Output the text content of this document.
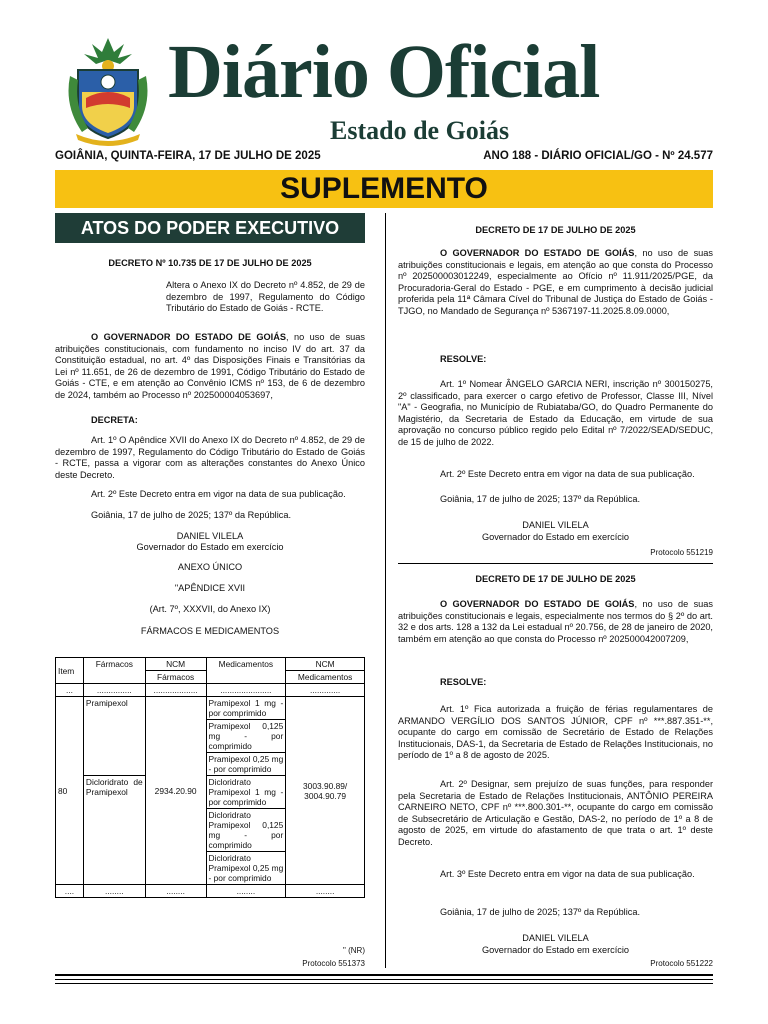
Diário Oficial
Estado de Goiás
GOIÂNIA, QUINTA-FEIRA, 17 DE JULHO DE 2025	ANO 188 - DIÁRIO OFICIAL/GO - Nº 24.577
SUPLEMENTO
ATOS DO PODER EXECUTIVO
DECRETO Nº 10.735 DE 17 DE JULHO DE 2025
Altera o Anexo IX do Decreto nº 4.852, de 29 de dezembro de 1997, Regulamento do Código Tributário do Estado de Goiás - RCTE.
O GOVERNADOR DO ESTADO DE GOIÁS, no uso de suas atribuições constitucionais, com fundamento no inciso IV do art. 37 da Constituição estadual, no art. 4º das Disposições Finais e Transitórias da Lei nº 11.651, de 26 de dezembro de 1991, Código Tributário do Estado de Goiás - CTE, e em atenção ao Convênio ICMS nº 153, de 6 de dezembro de 2024, também ao Processo nº 202500004053697,
DECRETA:
Art. 1º O Apêndice XVII do Anexo IX do Decreto nº 4.852, de 29 de dezembro de 1997, Regulamento do Código Tributário do Estado de Goiás - RCTE, passa a vigorar com as alterações constantes do Anexo Único deste Decreto.
Art. 2º Este Decreto entra em vigor na data de sua publicação.
Goiânia, 17 de julho de 2025; 137º da República.
DANIEL VILELA
Governador do Estado em exercício
ANEXO ÚNICO
"APÊNDICE XVII
(Art. 7º, XXXVII, do Anexo IX)
FÁRMACOS E MEDICAMENTOS
Item	Fármacos	NCM	Medicamentos	NCM
		Fármacos		Medicamentos
...	...............	...................	......................	.............
80	Pramipexol	2934.20.90	Pramipexol 1 mg - por comprimido	3003.90.89/ 3004.90.79
			Pramipexol 0,125 mg - por comprimido	
			Pramipexol 0,25 mg - por comprimido	
	Dicloridrato de Pramipexol		Dicloridrato Pramipexol 1 mg - por comprimido	
			Dicloridrato Pramipexol 0,125 mg - por comprimido	
			Dicloridrato Pramipexol 0,25 mg - por comprimido	
....	........	........	........	........
" (NR)
Protocolo 551373
DECRETO DE 17 DE JULHO DE 2025
O GOVERNADOR DO ESTADO DE GOIÁS, no uso de suas atribuições constitucionais e legais, em atenção ao que consta do Processo nº 202500003012249, especialmente ao Ofício nº 11.911/2025/PGE, da Procuradoria-Geral do Estado - PGE, e em cumprimento à decisão judicial proferida pela 11ª Câmara Cível do Tribunal de Justiça do Estado de Goiás - TJGO, no Mandado de Segurança nº 5367197-11.2025.8.09.0000,
RESOLVE:
Art. 1º Nomear ÂNGELO GARCIA NERI, inscrição nº 300150275, 2º classificado, para exercer o cargo efetivo de Professor, Classe III, Nível "A" - Geografia, no Município de Rubiataba/GO, do Quadro Permanente do Magistério, da Secretaria de Estado da Educação, em virtude de sua aprovação no concurso público regido pelo Edital nº 7/2022/SEAD/SEDUC, de 15 de julho de 2022.
Art. 2º Este Decreto entra em vigor na data de sua publicação.
Goiânia, 17 de julho de 2025; 137º da República.
DANIEL VILELA
Governador do Estado em exercício
Protocolo 551219
DECRETO DE 17 DE JULHO DE 2025
O GOVERNADOR DO ESTADO DE GOIÁS, no uso de suas atribuições constitucionais e legais, especialmente nos termos do § 2º do art. 32 e dos arts. 128 a 132 da Lei estadual nº 20.756, de 28 de janeiro de 2020, também em atenção ao que consta do Processo nº 202500042007209,
RESOLVE:
Art. 1º Fica autorizada a fruição de férias regulamentares de ARMANDO VERGÍLIO DOS SANTOS JÚNIOR, CPF nº ***.887.351-**, ocupante do cargo em comissão de Secretário de Estado de Relações Institucionais, DAS-1, da Secretaria de Estado de Relações Institucionais, no período de 1º a 8 de agosto de 2025.
Art. 2º Designar, sem prejuízo de suas funções, para responder pela Secretaria de Estado de Relações Institucionais, ANTÔNIO PEREIRA CARNEIRO NETO, CPF nº ***.800.301-**, ocupante do cargo em comissão de Subsecretário de Articulação e Gestão, DAS-2, no período de 1º a 8 de agosto de 2025, em virtude do afastamento de que trata o art. 1º deste Decreto.
Art. 3º Este Decreto entra em vigor na data de sua publicação.
Goiânia, 17 de julho de 2025; 137º da República.
DANIEL VILELA
Governador do Estado em exercício
Protocolo 551222
